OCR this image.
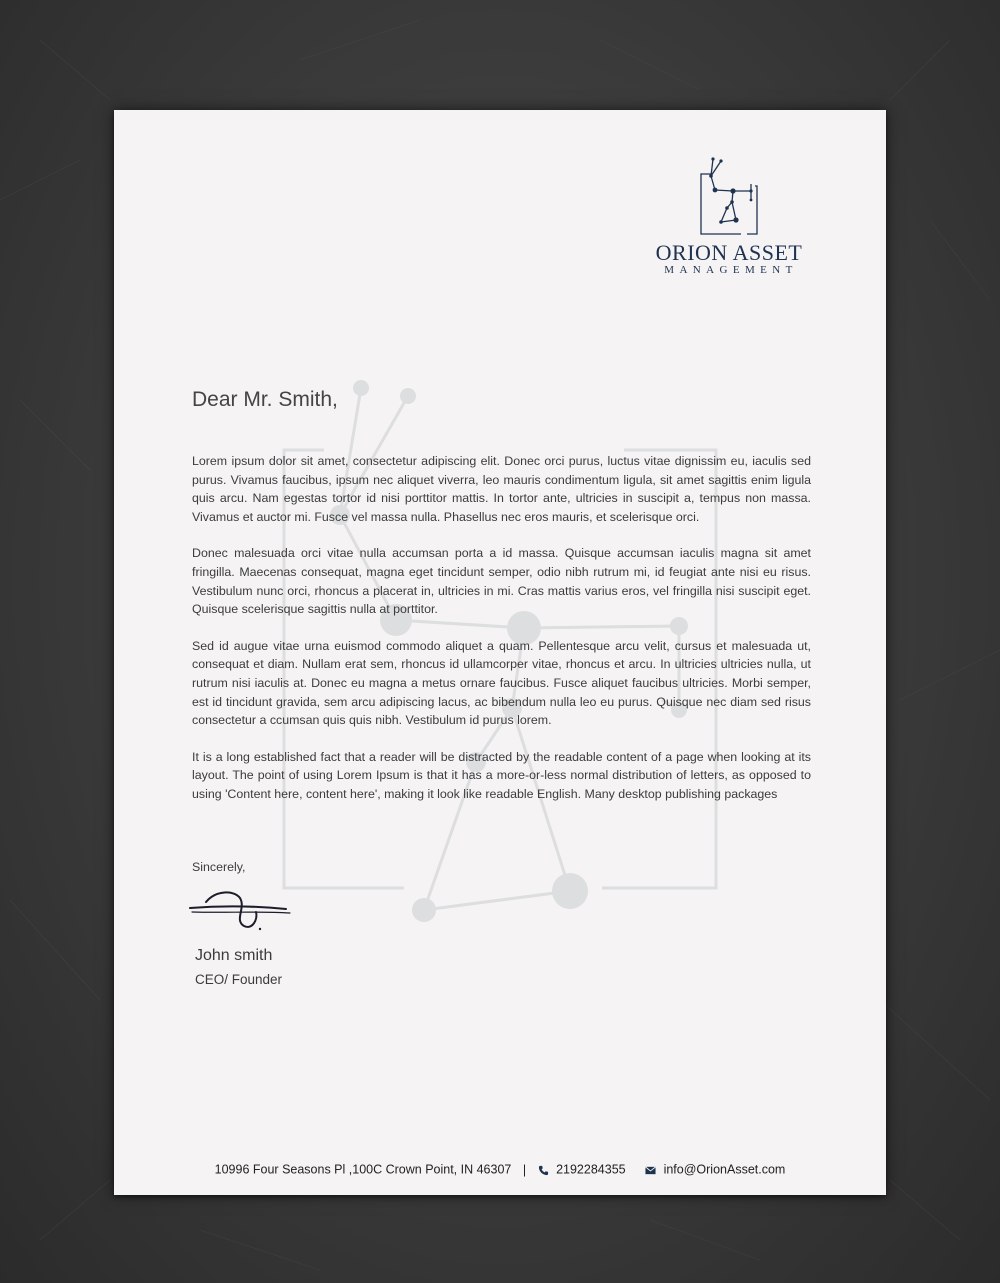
ORION ASSET
MANAGEMENT
Dear Mr. Smith,

Lorem ipsum dolor sit amet, consectetur adipiscing elit. Donec orci purus, luctus vitae dignissim eu, iaculis sed purus. Vivamus faucibus, ipsum nec aliquet viverra, leo mauris condimentum ligula, sit amet sagittis enim ligula quis arcu. Nam egestas tortor id nisi porttitor mattis. In tortor ante, ultricies in suscipit a, tempus non massa. Vivamus et auctor mi. Fusce vel massa nulla. Phasellus nec eros mauris, et scelerisque orci.

Donec malesuada orci vitae nulla accumsan porta a id massa. Quisque accumsan iaculis magna sit amet fringilla. Maecenas consequat, magna eget tincidunt semper, odio nibh rutrum mi, id feugiat ante nisi eu risus. Vestibulum nunc orci, rhoncus a placerat in, ultricies in mi. Cras mattis varius eros, vel fringilla nisi suscipit eget. Quisque scelerisque sagittis nulla at porttitor.

Sed id augue vitae urna euismod commodo aliquet a quam. Pellentesque arcu velit, cursus et malesuada ut, consequat et diam. Nullam erat sem, rhoncus id ullamcorper vitae, rhoncus et arcu. In ultricies ultricies nulla, ut rutrum nisi iaculis at. Donec eu magna a metus ornare faucibus. Fusce aliquet faucibus ultricies. Morbi semper, est id tincidunt gravida, sem arcu adipiscing lacus, ac bibendum nulla leo eu purus. Quisque nec diam sed risus consectetur a ccumsan quis quis nibh. Vestibulum id purus lorem.

It is a long established fact that a reader will be distracted by the readable content of a page when looking at its layout. The point of using Lorem Ipsum is that it has a more-or-less normal distribution of letters, as opposed to using 'Content here, content here', making it look like readable English. Many desktop publishing packages

Sincerely,
John smith
CEO/ Founder
10996 Four Seasons Pl ,100C Crown Point, IN 46307 | 2192284355	info@OrionAsset.com
